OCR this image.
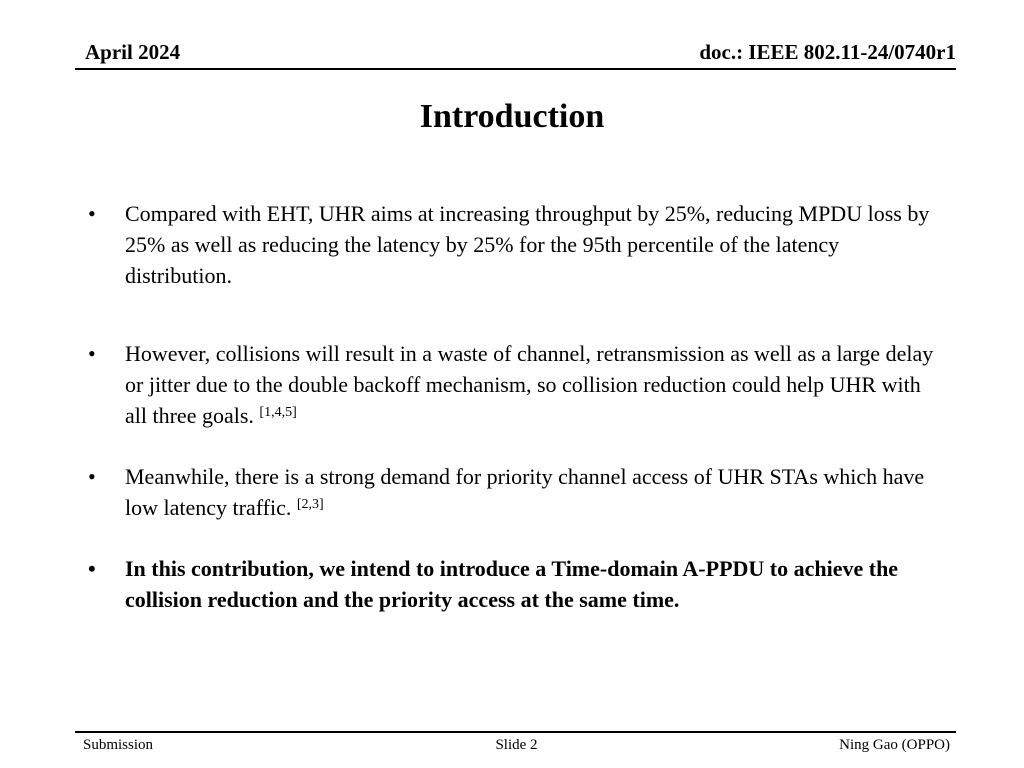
April 2024	doc.: IEEE 802.11-24/0740r1
Introduction
•	Compared with EHT, UHR aims at increasing throughput by 25%, reducing MPDU loss by 25% as well as reducing the latency by 25% for the 95th percentile of the latency distribution.
•	However, collisions will result in a waste of channel, retransmission as well as a large delay or jitter due to the double backoff mechanism, so collision reduction could help UHR with all three goals. [1,4,5]
•	Meanwhile, there is a strong demand for priority channel access of UHR STAs which have low latency traffic. [2,3]
•	In this contribution, we intend to introduce a Time-domain A-PPDU to achieve the collision reduction and the priority access at the same time.
Submission	Slide 2	Ning Gao (OPPO)
